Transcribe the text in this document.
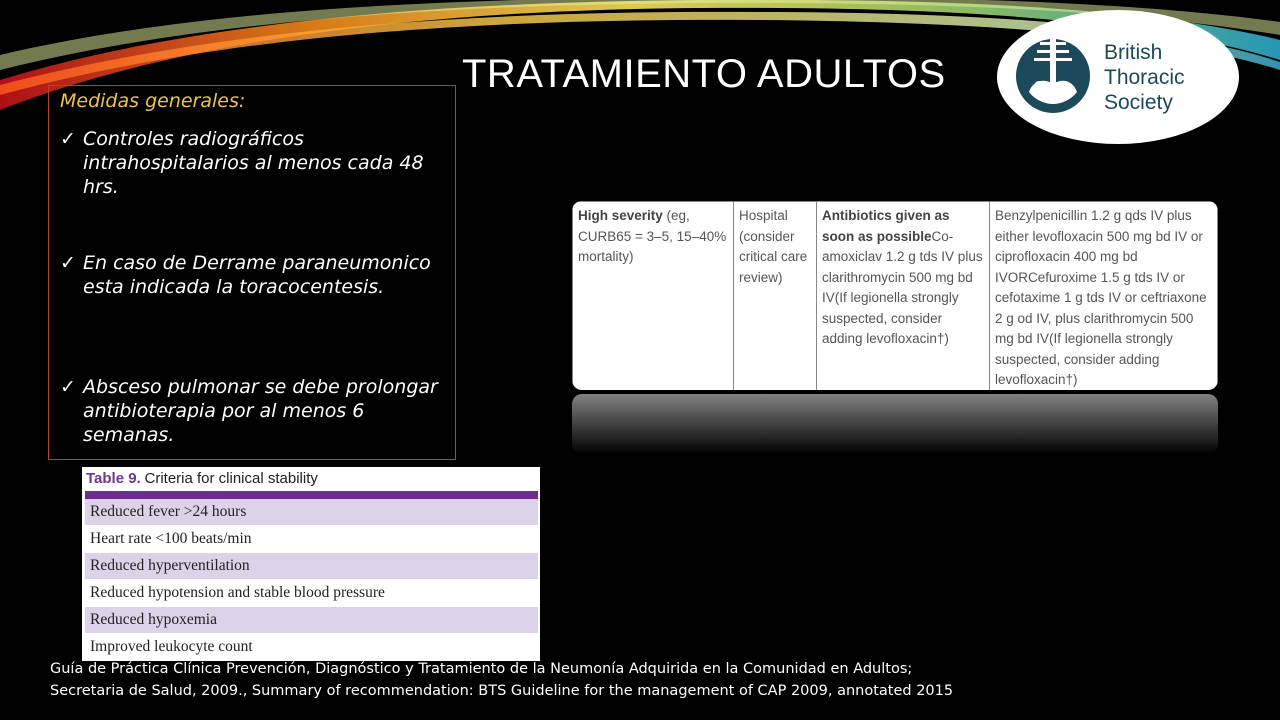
TRATAMIENTO ADULTOS	British
Thoracic
Society
Medidas generales:
✓ Controles radiográficos intrahospitalarios al menos cada 48 hrs.
✓ En caso de Derrame paraneumonico esta indicada la toracocentesis.
✓ Absceso pulmonar se debe prolongar antibioterapia por al menos 6 semanas.
High severity (eg, CURB65 = 3–5, 15–40% mortality)	Hospital (consider critical care review)	Antibiotics given as soon as possibleCo-amoxiclav 1.2 g tds IV plus clarithromycin 500 mg bd IV(If legionella strongly suspected, consider adding levofloxacin†)	Benzylpenicillin 1.2 g qds IV plus either levofloxacin 500 mg bd IV or ciprofloxacin 400 mg bd IVORCefuroxime 1.5 g tds IV or cefotaxime 1 g tds IV or ceftriaxone 2 g od IV, plus clarithromycin 500 mg bd IV(If legionella strongly suspected, consider adding levofloxacin†)
Table 9. Criteria for clinical stability
Reduced fever >24 hours
Heart rate <100 beats/min
Reduced hyperventilation
Reduced hypotension and stable blood pressure
Reduced hypoxemia
Improved leukocyte count
Guía de Práctica Clínica Prevención, Diagnóstico y Tratamiento de la Neumonía Adquirida en la Comunidad en Adultos;
Secretaria de Salud, 2009., Summary of recommendation: BTS Guideline for the management of CAP 2009, annotated 2015
